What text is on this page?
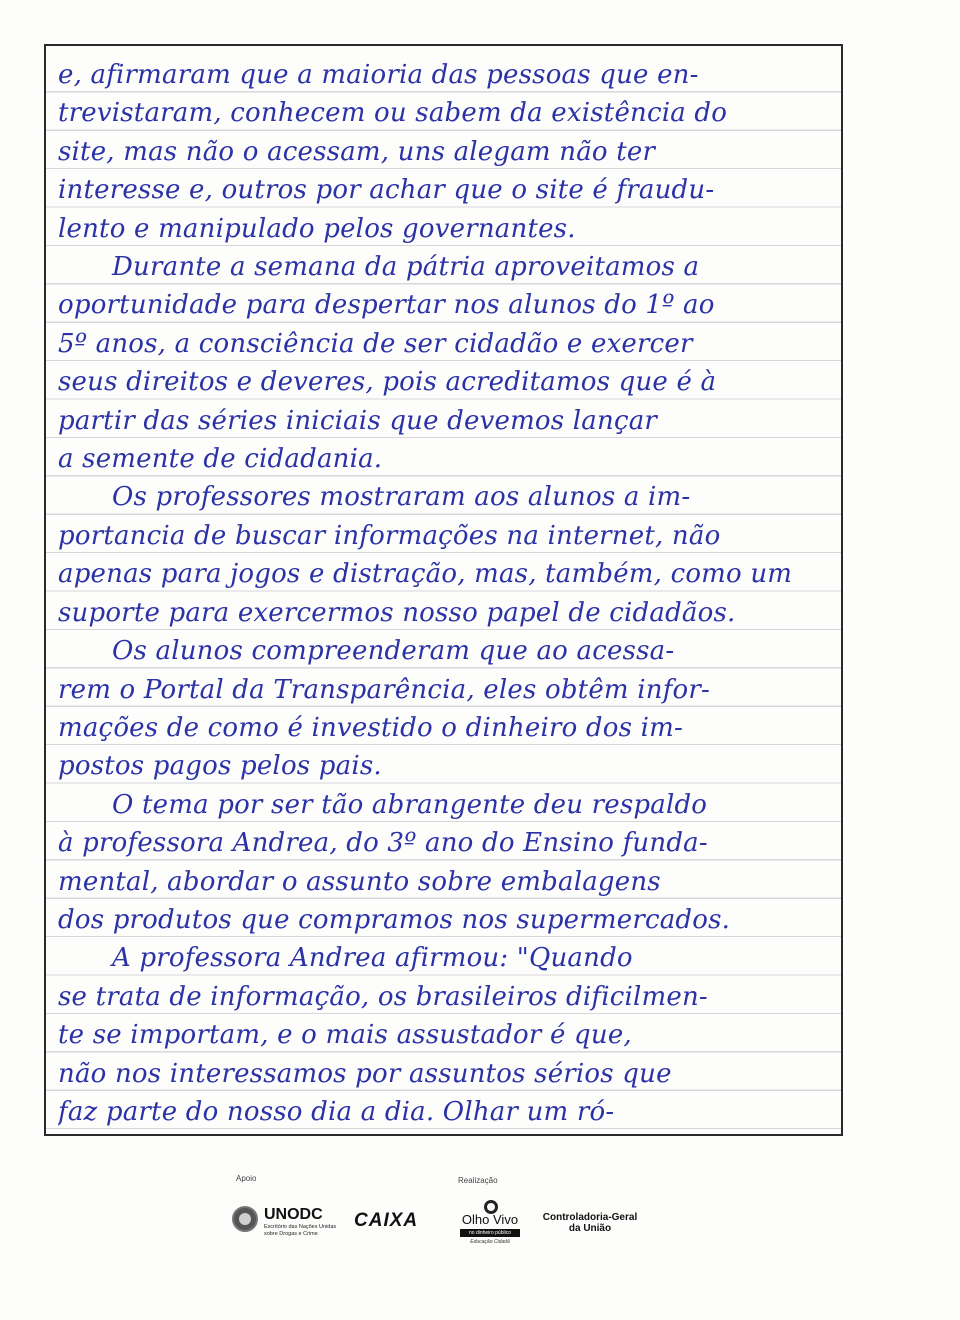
e, afirmaram que a maioria das pessoas que en-
trevistaram, conhecem ou sabem da existência do
site, mas não o acessam, uns alegam não ter
interesse e, outros por achar que o site é fraudu-
lento e manipulado pelos governantes.
Durante a semana da pátria aproveitamos a
oportunidade para despertar nos alunos do 1º ao
5º anos, a consciência de ser cidadão e exercer
seus direitos e deveres, pois acreditamos que é à
partir das séries iniciais que devemos lançar
a semente de cidadania.
Os professores mostraram aos alunos a im-
portancia de buscar informações na internet, não
apenas para jogos e distração, mas, também, como um
suporte para exercermos nosso papel de cidadãos.
Os alunos compreenderam que ao acessa-
rem o Portal da Transparência, eles obtêm infor-
mações de como é investido o dinheiro dos im-
postos pagos pelos pais.
O tema por ser tão abrangente deu respaldo
à professora Andrea, do 3º ano do Ensino funda-
mental, abordar o assunto sobre embalagens
dos produtos que compramos nos supermercados.
A professora Andrea afirmou: "Quando
se trata de informação, os brasileiros dificilmen-
te se importam, e o mais assustador é que,
não nos interessamos por assuntos sérios que
faz parte do nosso dia a dia. Olhar um ró-
Apoio	Realização
UNODC
Escritório das Nações Unidas sobre Drogas e Crime
CAIXA	Olho Vivo
no dinheiro público
Educação Cidadã
Controladoria-Geral
da União
